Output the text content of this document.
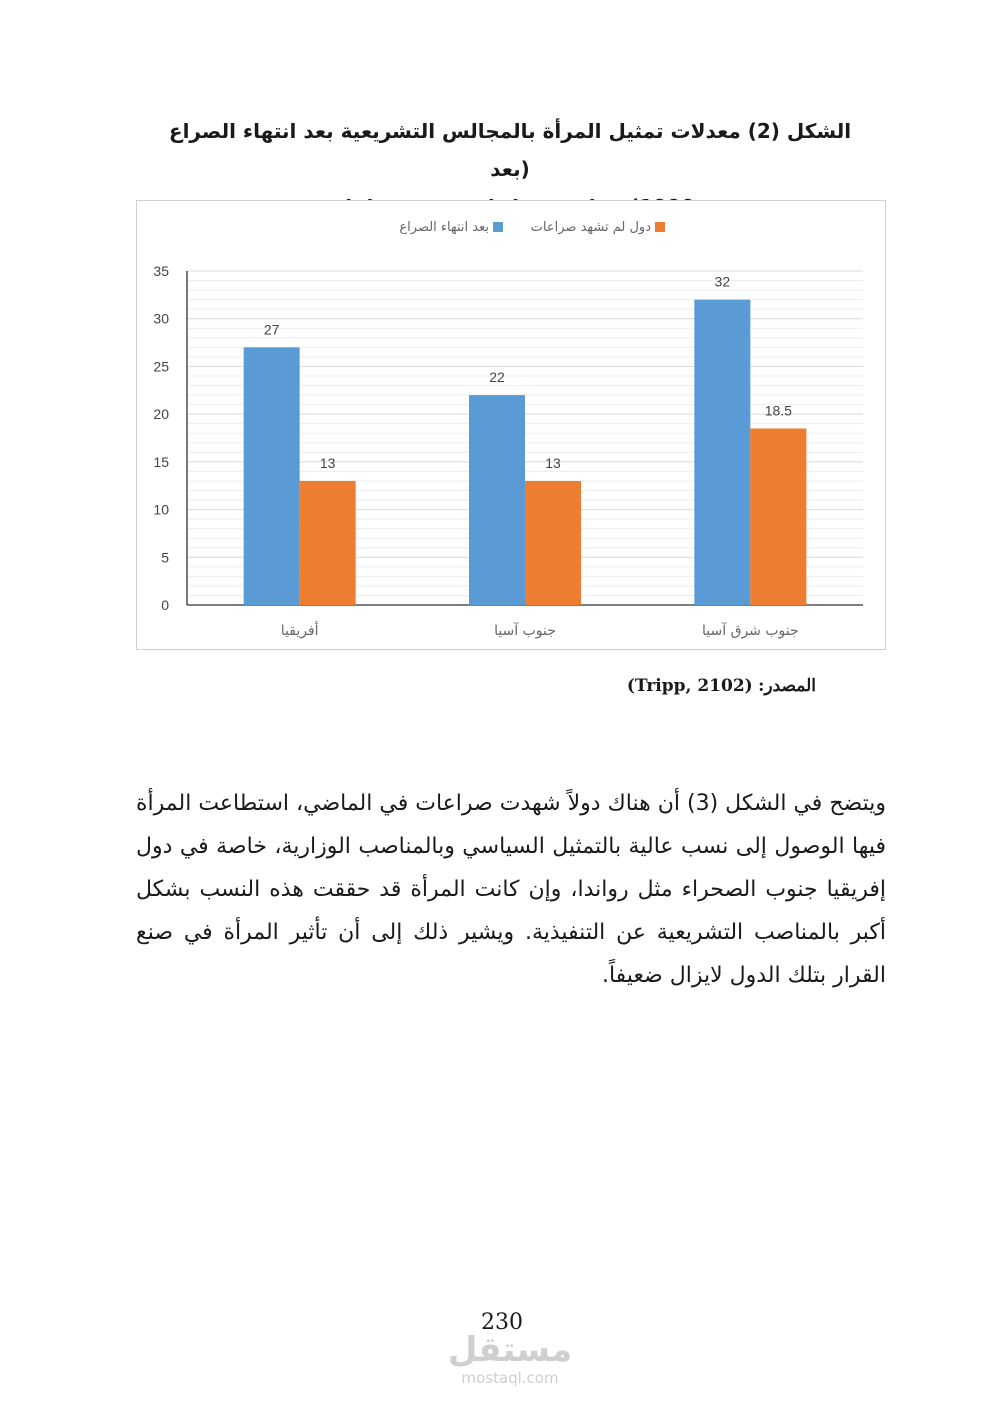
الشكل (2) معدلات تمثيل المرأة بالمجالس التشريعية بعد انتهاء الصراع (بعد
0
5
10
15
20
25
30
35
27
13
أفريقيا
22
13
جنوب آسيا
32
18.5
جنوب شرق آسيا
دول لم تشهد صراعات
بعد انتهاء الصراع
المصدر: (Tripp, 2102)
ويتضح في الشكل (3) أن هناك دولاً شهدت صراعات في الماضي، استطاعت المرأة فيها الوصول إلى نسب عالية بالتمثيل السياسي وبالمناصب الوزارية، خاصة في دول إفريقيا جنوب الصحراء مثل رواندا، وإن كانت المرأة قد حققت هذه النسب بشكل أكبر بالمناصب التشريعية عن التنفيذية. ويشير ذلك إلى أن تأثير المرأة في صنع القرار بتلك الدول لايزال ضعيفاً.
230
مستقل
mostaql.com
